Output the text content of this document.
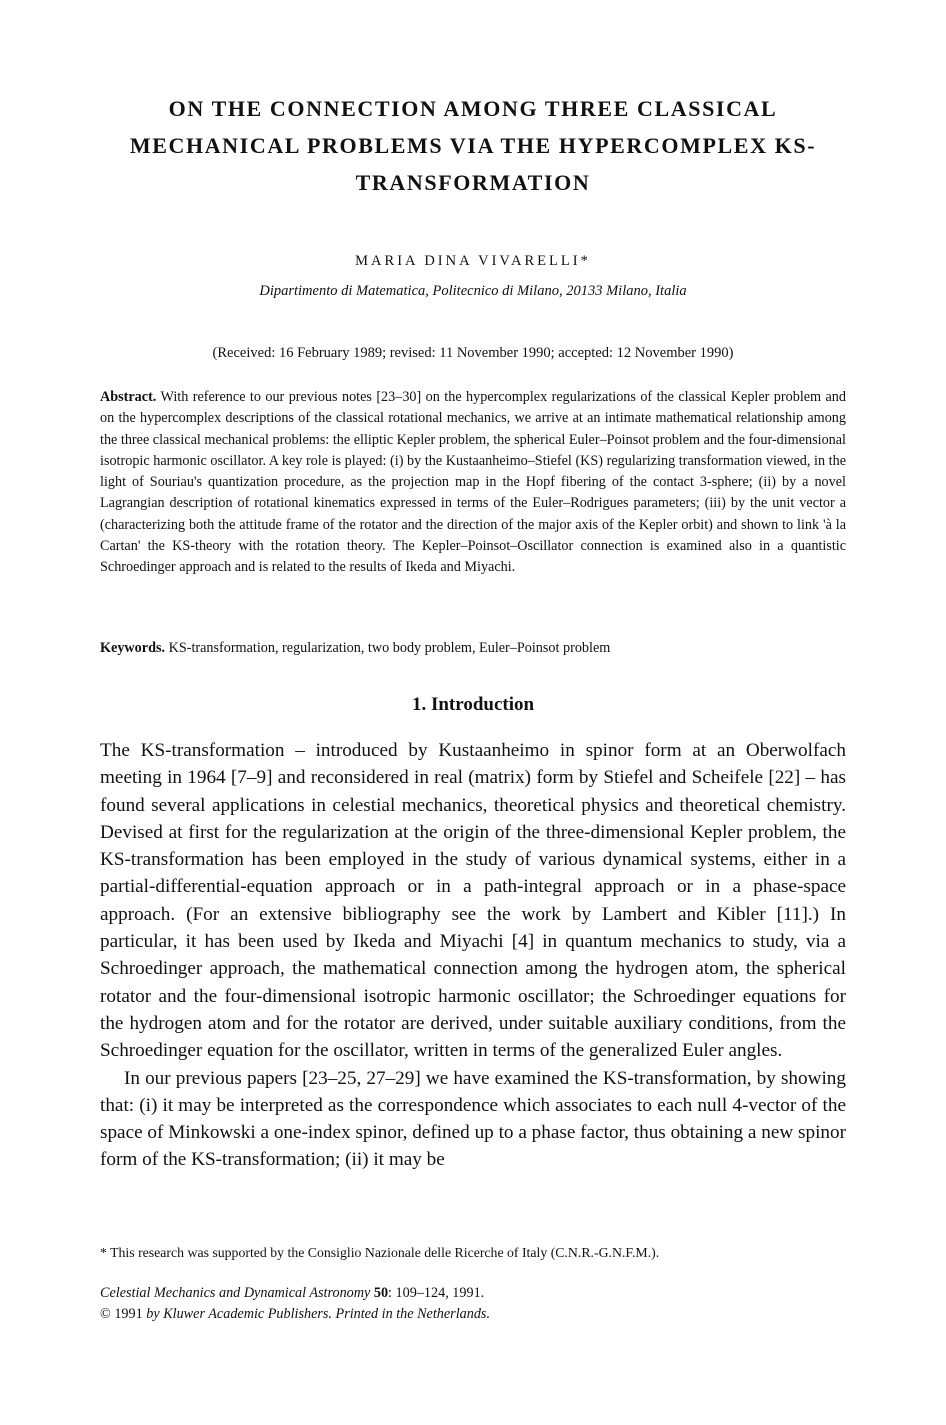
ON THE CONNECTION AMONG THREE CLASSICAL
MECHANICAL PROBLEMS VIA THE HYPERCOMPLEX KS-
TRANSFORMATION
MARIA DINA VIVARELLI*
Dipartimento di Matematica, Politecnico di Milano, 20133 Milano, Italia
(Received: 16 February 1989; revised: 11 November 1990; accepted: 12 November 1990)
Abstract. With reference to our previous notes [23–30] on the hypercomplex regularizations of the classical Kepler problem and on the hypercomplex descriptions of the classical rotational mechanics, we arrive at an intimate mathematical relationship among the three classical mechanical problems: the elliptic Kepler problem, the spherical Euler–Poinsot problem and the four-dimensional isotropic harmonic oscillator. A key role is played: (i) by the Kustaanheimo–Stiefel (KS) regularizing transformation viewed, in the light of Souriau's quantization procedure, as the projection map in the Hopf fibering of the contact 3-sphere; (ii) by a novel Lagrangian description of rotational kinematics expressed in terms of the Euler–Rodrigues parameters; (iii) by the unit vector a (characterizing both the attitude frame of the rotator and the direction of the major axis of the Kepler orbit) and shown to link 'à la Cartan' the KS-theory with the rotation theory. The Kepler–Poinsot–Oscillator connection is examined also in a quantistic Schroedinger approach and is related to the results of Ikeda and Miyachi.
Keywords. KS-transformation, regularization, two body problem, Euler–Poinsot problem
1. Introduction

The KS-transformation – introduced by Kustaanheimo in spinor form at an Oberwolfach meeting in 1964 [7–9] and reconsidered in real (matrix) form by Stiefel and Scheifele [22] – has found several applications in celestial mechanics, theoretical physics and theoretical chemistry. Devised at first for the regularization at the origin of the three-dimensional Kepler problem, the KS-transformation has been employed in the study of various dynamical systems, either in a partial-differential-equation approach or in a path-integral approach or in a phase-space approach. (For an extensive bibliography see the work by Lambert and Kibler [11].) In particular, it has been used by Ikeda and Miyachi [4] in quantum mechanics to study, via a Schroedinger approach, the mathematical connection among the hydrogen atom, the spherical rotator and the four-dimensional isotropic harmonic oscillator; the Schroedinger equations for the hydrogen atom and for the rotator are derived, under suitable auxiliary conditions, from the Schroedinger equation for the oscillator, written in terms of the generalized Euler angles.

In our previous papers [23–25, 27–29] we have examined the KS-transformation, by showing that: (i) it may be interpreted as the correspondence which associates to each null 4-vector of the space of Minkowski a one-index spinor, defined up to a phase factor, thus obtaining a new spinor form of the KS-transformation; (ii) it may be

* This research was supported by the Consiglio Nazionale delle Ricerche of Italy (C.N.R.-G.N.F.M.).
Celestial Mechanics and Dynamical Astronomy 50: 109–124, 1991.
© 1991 by Kluwer Academic Publishers. Printed in the Netherlands.
